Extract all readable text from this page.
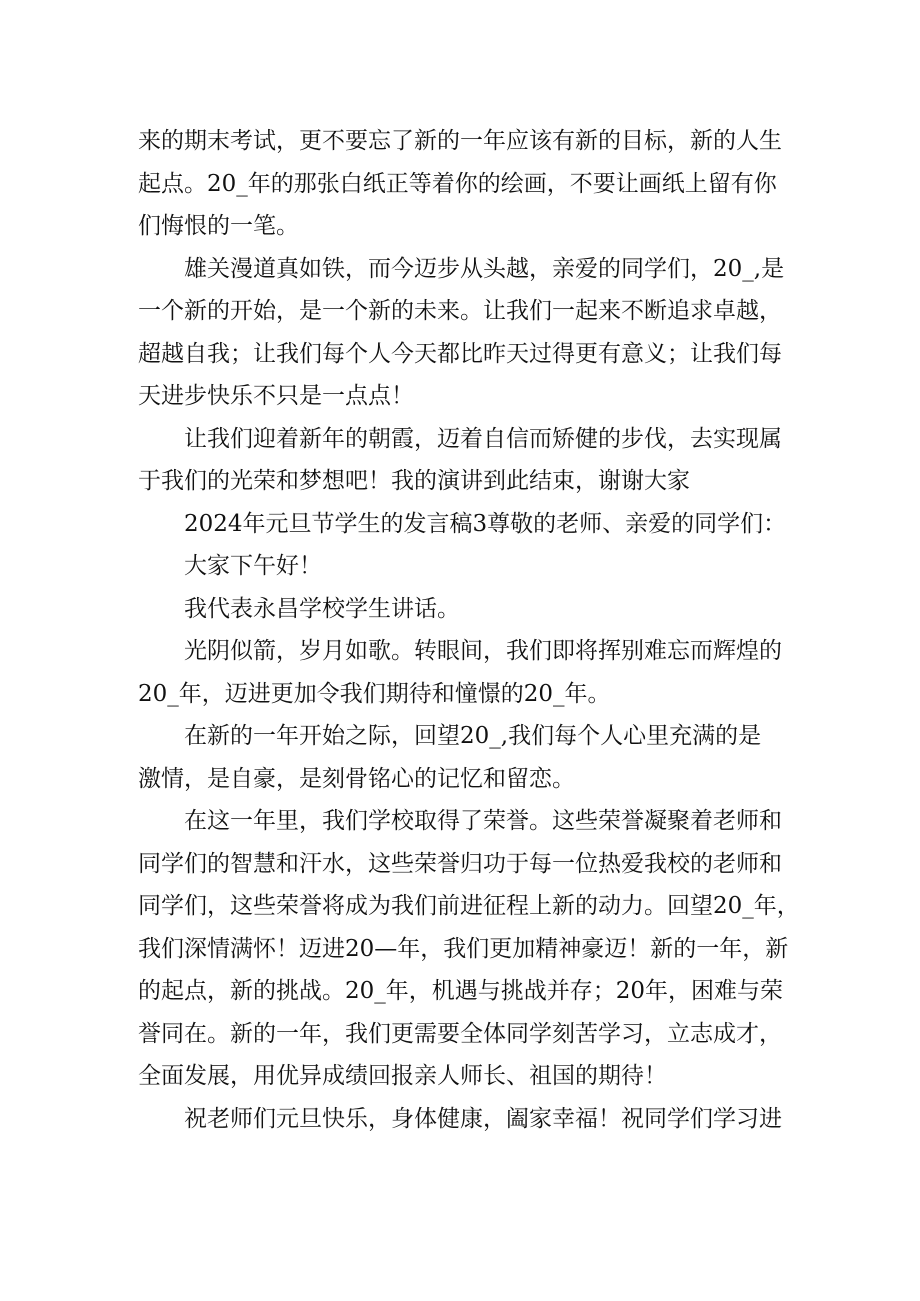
来的期末考试，更不要忘了新的一年应该有新的目标，新的人生
起点。20_年的那张白纸正等着你的绘画，不要让画纸上留有你
们悔恨的一笔。
雄关漫道真如铁，而今迈步从头越，亲爱的同学们，20_,是
一个新的开始，是一个新的未来。让我们一起来不断追求卓越，
超越自我；让我们每个人今天都比昨天过得更有意义；让我们每
天进步快乐不只是一点点！
让我们迎着新年的朝霞，迈着自信而矫健的步伐，去实现属
于我们的光荣和梦想吧！我的演讲到此结束，谢谢大家
2024年元旦节学生的发言稿3尊敬的老师、亲爱的同学们：
大家下午好！
我代表永昌学校学生讲话。
光阴似箭，岁月如歌。转眼间，我们即将挥别难忘而辉煌的
20_年，迈进更加令我们期待和憧憬的20_年。
在新的一年开始之际，回望20_,我们每个人心里充满的是
激情，是自豪，是刻骨铭心的记忆和留恋。
在这一年里，我们学校取得了荣誉。这些荣誉凝聚着老师和
同学们的智慧和汗水，这些荣誉归功于每一位热爱我校的老师和
同学们，这些荣誉将成为我们前进征程上新的动力。回望20_年，
我们深情满怀！迈进20—年，我们更加精神豪迈！新的一年，新
的起点，新的挑战。20_年，机遇与挑战并存；20年，困难与荣
誉同在。新的一年，我们更需要全体同学刻苦学习，立志成才，
全面发展，用优异成绩回报亲人师长、祖国的期待！
祝老师们元旦快乐，身体健康，阖家幸福！祝同学们学习进
